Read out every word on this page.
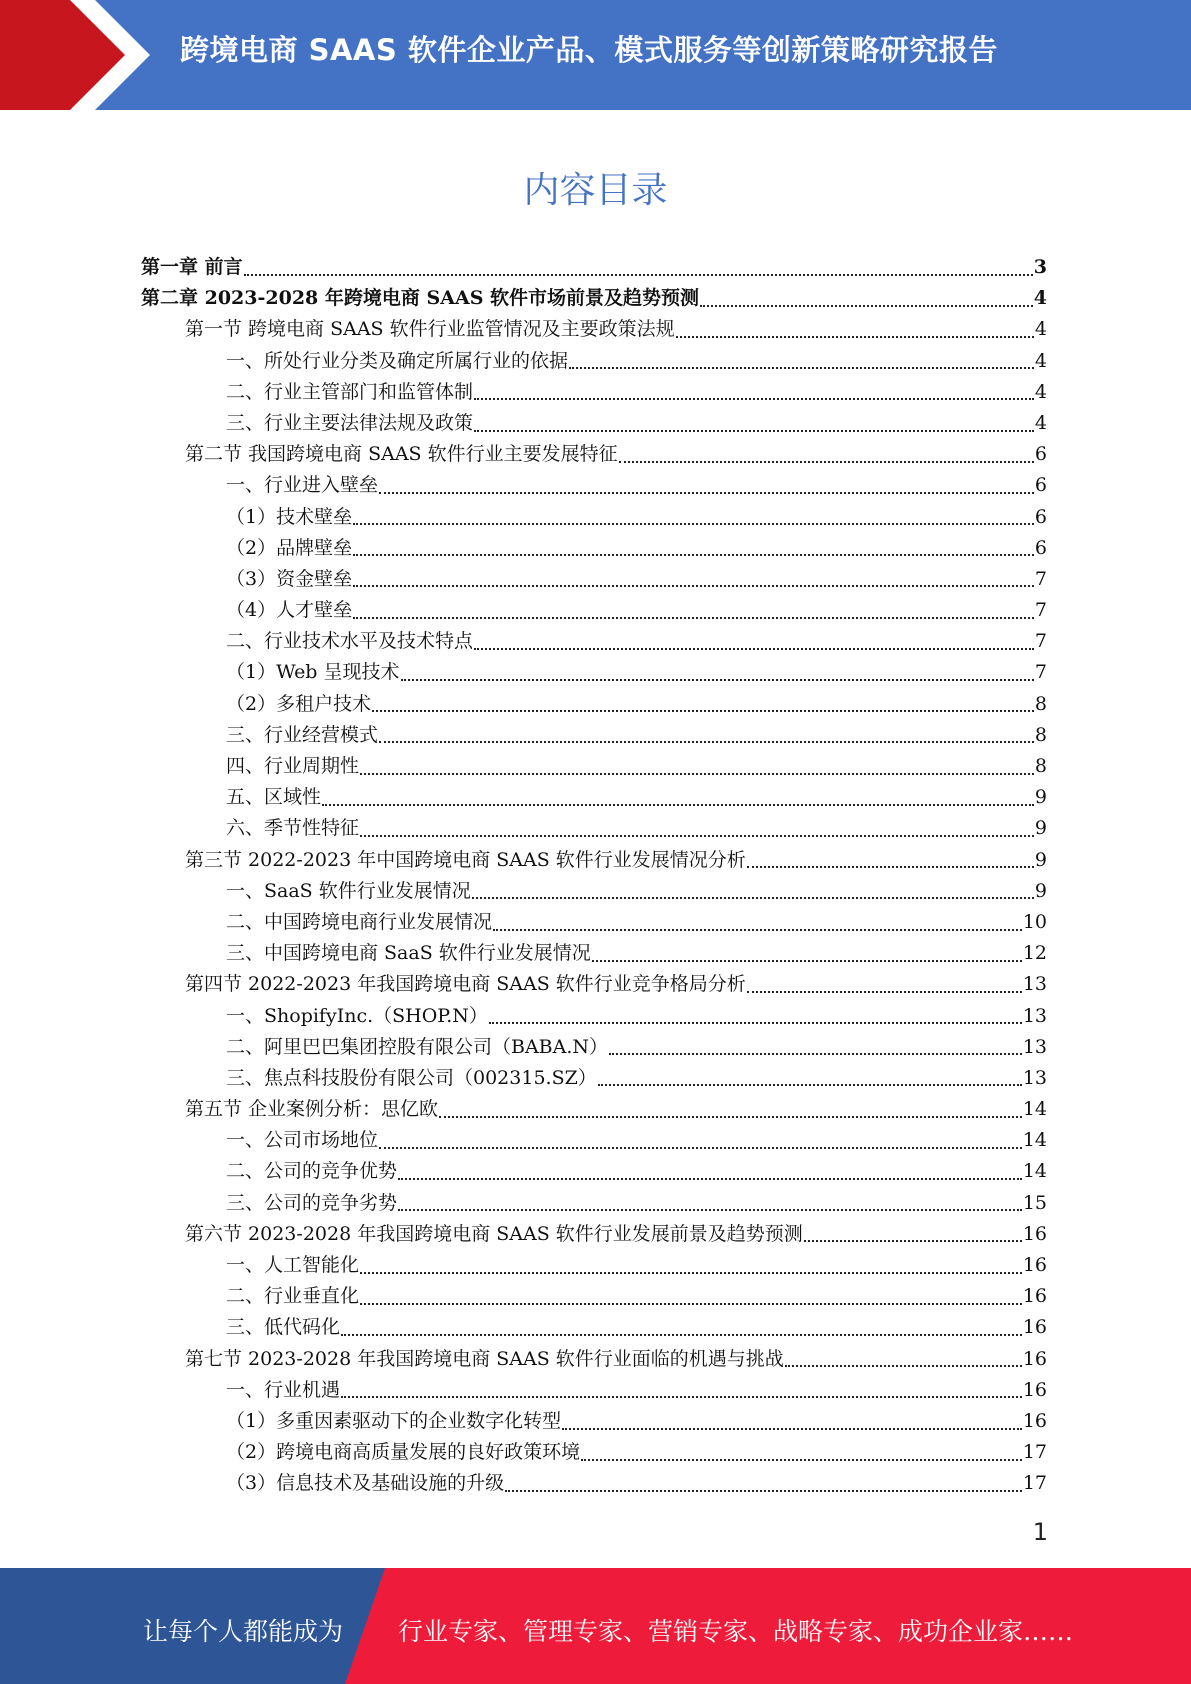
跨境电商 SAAS 软件企业产品、模式服务等创新策略研究报告
内容目录
第一章 前言	3
第二章 2023-2028 年跨境电商 SAAS 软件市场前景及趋势预测	4
第一节 跨境电商 SAAS 软件行业监管情况及主要政策法规	4
一、所处行业分类及确定所属行业的依据	4
二、行业主管部门和监管体制	4
三、行业主要法律法规及政策	4
第二节 我国跨境电商 SAAS 软件行业主要发展特征	6
一、行业进入壁垒	6
（1）技术壁垒	6
（2）品牌壁垒	6
（3）资金壁垒	7
（4）人才壁垒	7
二、行业技术水平及技术特点	7
（1）Web 呈现技术	7
（2）多租户技术	8
三、行业经营模式	8
四、行业周期性	8
五、区域性	9
六、季节性特征	9
第三节 2022-2023 年中国跨境电商 SAAS 软件行业发展情况分析	9
一、SaaS 软件行业发展情况	9
二、中国跨境电商行业发展情况	10
三、中国跨境电商 SaaS 软件行业发展情况	12
第四节 2022-2023 年我国跨境电商 SAAS 软件行业竞争格局分析	13
一、ShopifyInc.（SHOP.N）	13
二、阿里巴巴集团控股有限公司（BABA.N）	13
三、焦点科技股份有限公司（002315.SZ）	13
第五节 企业案例分析：思亿欧	14
一、公司市场地位	14
二、公司的竞争优势	14
三、公司的竞争劣势	15
第六节 2023-2028 年我国跨境电商 SAAS 软件行业发展前景及趋势预测	16
一、人工智能化	16
二、行业垂直化	16
三、低代码化	16
第七节 2023-2028 年我国跨境电商 SAAS 软件行业面临的机遇与挑战	16
一、行业机遇	16
（1）多重因素驱动下的企业数字化转型	16
（2）跨境电商高质量发展的良好政策环境	17
（3）信息技术及基础设施的升级	17
1
让每个人都能成为 行业专家、管理专家、营销专家、战略专家、成功企业家……
